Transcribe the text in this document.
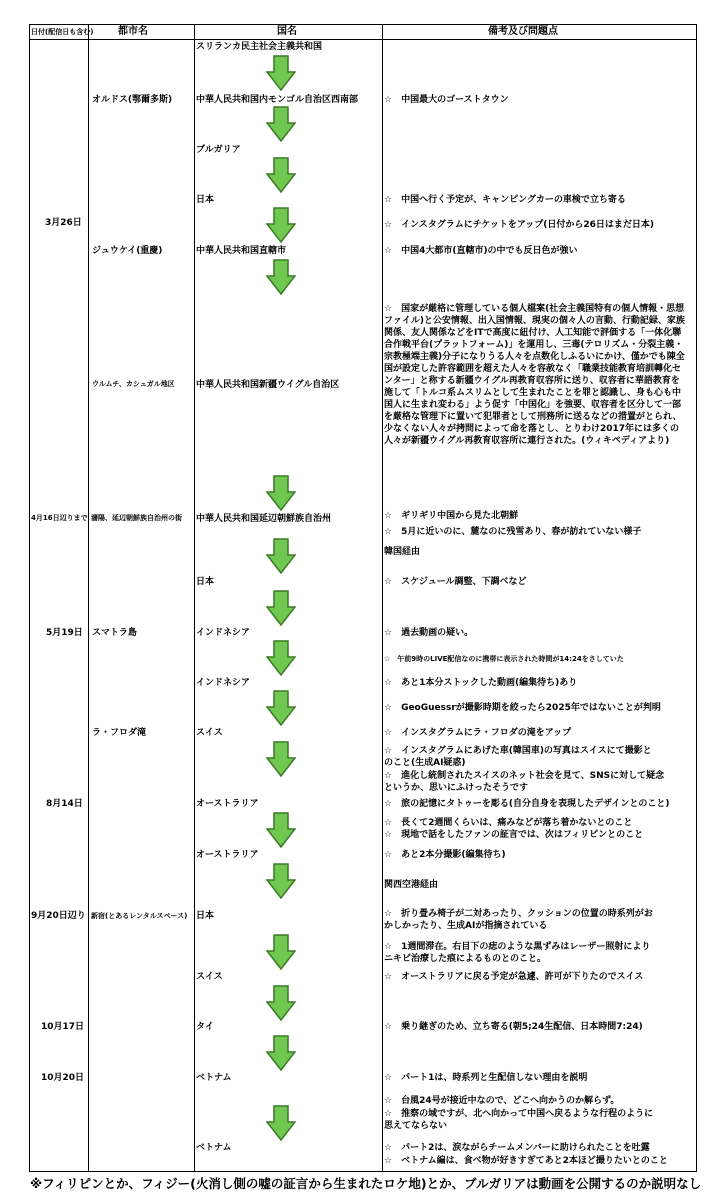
日付(配信日も含む) 都市名	国名	備考及び問題点
3月26日
4月16日辺りまで
5月19日
8月14日
9月20日辺り
10月17日
10月20日
オルドス(鄂爾多斯)
ジュウケイ(重慶)
ウルムチ、カシュガル地区
瀋陽、延辺朝鮮族自治州の街
スマトラ島
ラ・フロダ滝
新宿(とあるレンタルスペース)
スリランカ民主社会主義共和国
中華人民共和国内モンゴル自治区西南部
ブルガリア
日本
中華人民共和国直轄市
中華人民共和国新疆ウイグル自治区
中華人民共和国延辺朝鮮族自治州
日本
インドネシア
インドネシア
スイス
オーストラリア
オーストラリア
日本
スイス
タイ
ベトナム
ベトナム
☆　中国最大のゴーストタウン
☆　中国へ行く予定が、キャンピングカーの車検で立ち寄る
☆　インスタグラムにチケットをアップ(日付から26日はまだ日本)
☆　中国4大都市(直轄市)の中でも反日色が強い
☆　国家が厳格に管理している個人檔案(社会主義国特有の個人情報・思想ファイル)と公安情報、出入国情報、現実の個々人の言動、行動記録、家族関係、友人関係などをITで高度に紐付け、人工知能で評価する「一体化聯合作戦平台(プラットフォーム)」を運用し、三毒(テロリズム・分裂主義・宗教極端主義)分子になりうる人々を点数化しふるいにかけ、僅かでも陳全国が設定した許容範囲を超えた人々を容赦なく「職業技能教育培訓轉化センター」と称する新疆ウイグル再教育収容所に送り、収容者に華語教育を施して「トルコ系ムスリムとして生まれたことを罪と認識し、身も心も中国人に生まれ変わる」よう促す「中国化」を強要、収容者を区分して一部を厳格な管理下に置いて犯罪者として刑務所に送るなどの措置がとられ、少なくない人々が拷問によって命を落とし、とりわけ2017年には多くの人々が新疆ウイグル再教育収容所に連行された。(ウィキペディアより)
☆　ギリギリ中国から見た北朝鮮
☆　5月に近いのに、麓なのに残雪あり、春が訪れていない様子
韓国経由
☆　スケジュール調整、下調べなど
☆　過去動画の疑い。
☆　午前9時のLIVE配信なのに携帯に表示された時間が14:24をさしていた
☆　あと1本分ストックした動画(編集待ち)あり
☆　GeoGuessrが撮影時期を絞ったら2025年ではないことが判明
☆　インスタグラムにラ・フロダの滝をアップ
☆　インスタグラムにあげた車(韓国車)の写真はスイスにて撮影と
のこと(生成AI疑惑)
☆　進化し統制されたスイスのネット社会を見て、SNSに対して疑念
というか、思いにふけったそうです
☆　旅の記憶にタトゥーを彫る(自分自身を表現したデザインとのこと)
☆　長くて2週間くらいは、痛みなどが落ち着かないとのこと
☆　現地で話をしたファンの証言では、次はフィリピンとのこと
☆　あと2本分撮影(編集待ち)
関西空港経由
☆　折り畳み椅子が二対あったり、クッションの位置の時系列がお
かしかったり、生成AIが指摘されている
☆　1週間滞在。右目下の痣のような黒ずみはレーザー照射により
ニキビ治療した痕によるものとのこと。
☆　オーストラリアに戻る予定が急遽、許可が下りたのでスイス
☆　乗り継ぎのため、立ち寄る(朝5;24生配信、日本時間7:24)
☆　パート1は、時系列と生配信しない理由を説明
☆　台風24号が接近中なので、どこへ向かうのか解らず。
☆　推察の域ですが、北へ向かって中国へ戻るような行程のように
思えてならない
☆　パート2は、涙ながらチームメンバーに助けられたことを吐露
☆　ベトナム編は、食べ物が好きすぎてあと2本ほど撮りたいとのこと
※フィリピンとか、フィジー(火消し側の嘘の証言から生まれたロケ地)とか、ブルガリアは動画を公開するのか説明なし
